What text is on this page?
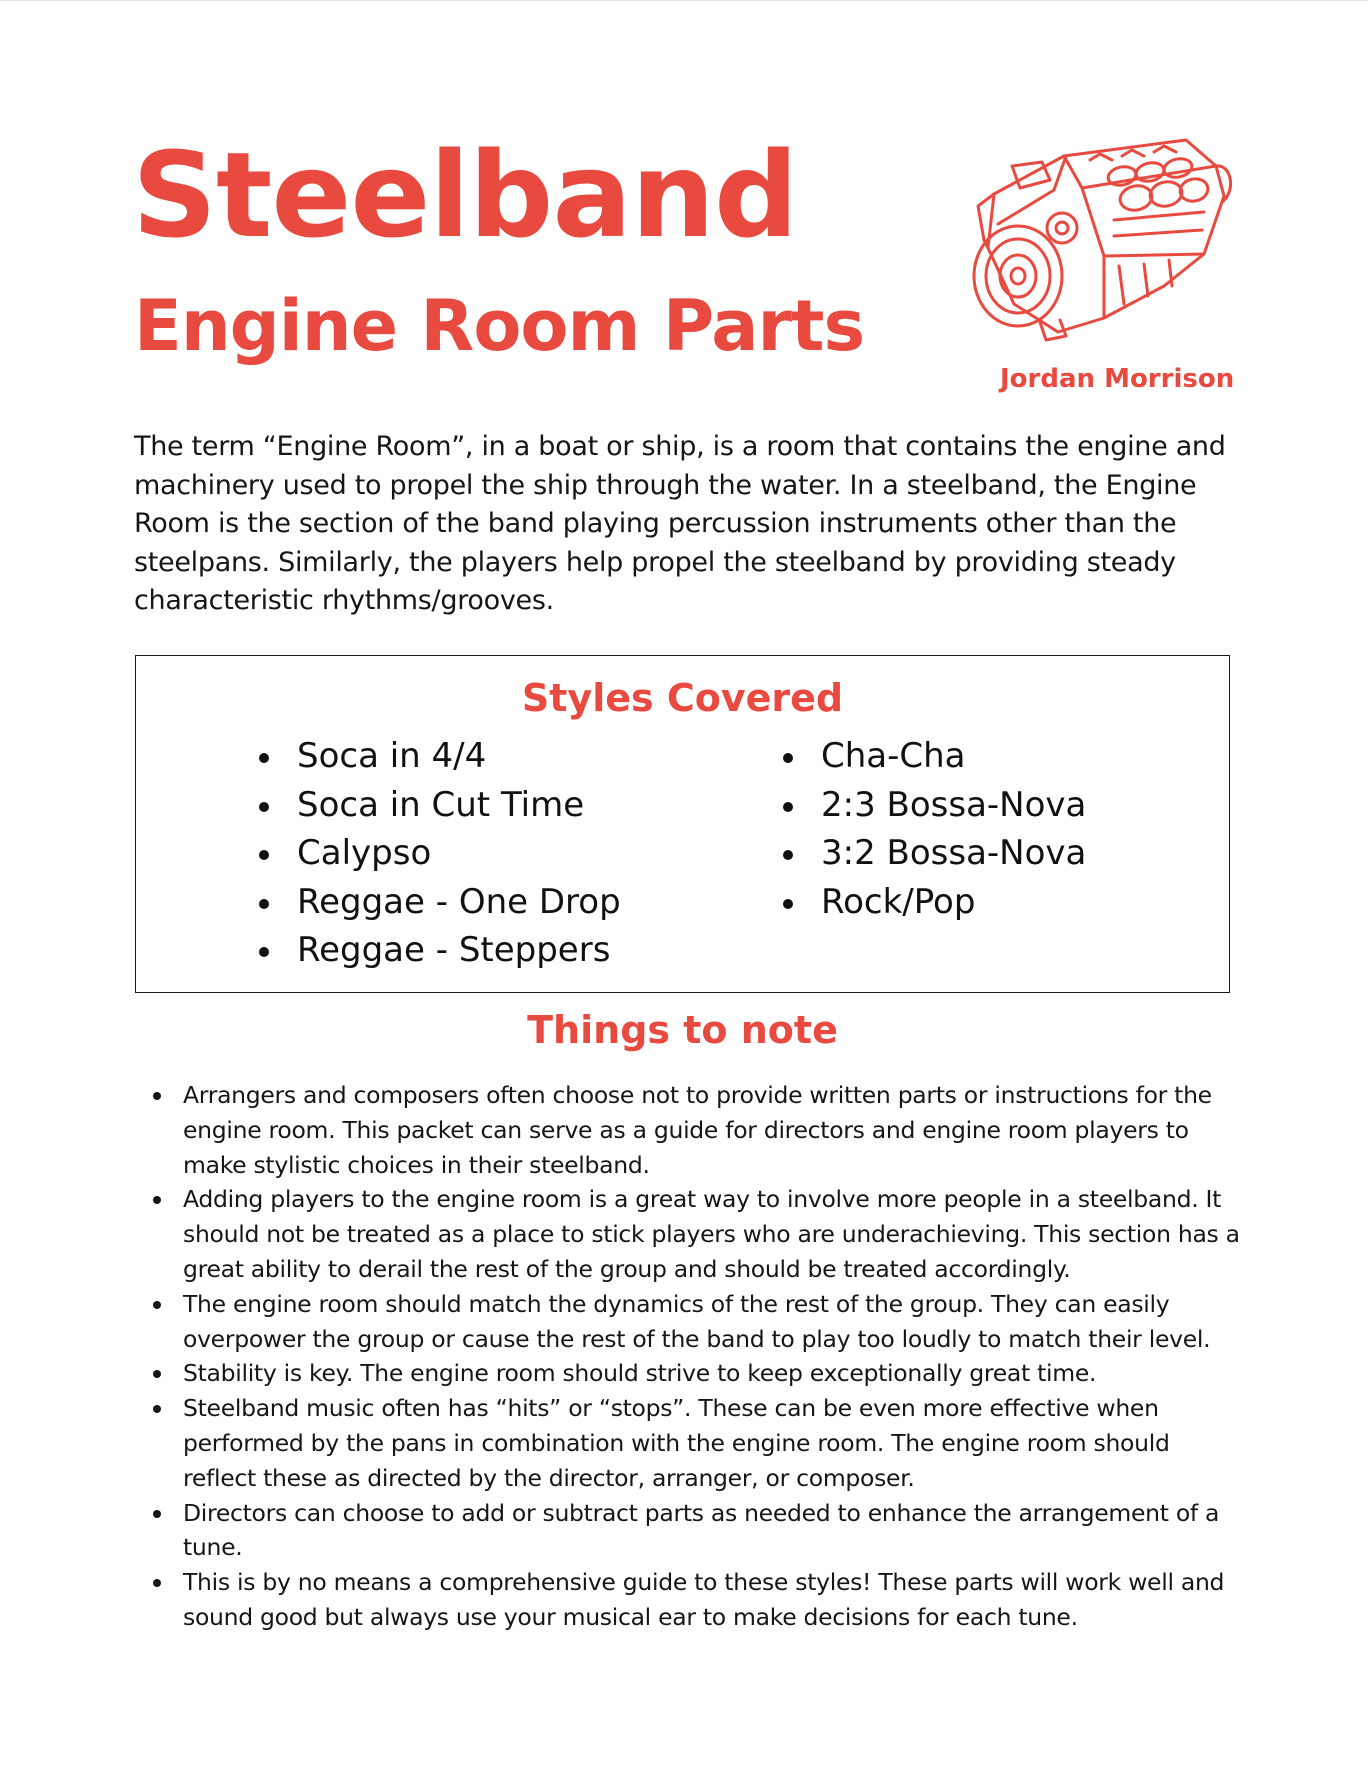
Steelband
Engine Room Parts
Jordan Morrison

The term “Engine Room”, in a boat or ship, is a room that contains the engine and machinery used to propel the ship through the water. In a steelband, the Engine Room is the section of the band playing percussion instruments other than the steelpans. Similarly, the players help propel the steelband by providing steady characteristic rhythms/grooves.

Styles Covered
Soca in 4/4
Soca in Cut Time
Calypso
Reggae - One Drop
Reggae - Steppers
Cha-Cha
2:3 Bossa-Nova
3:2 Bossa-Nova
Rock/Pop
Things to note
Arrangers and composers often choose not to provide written parts or instructions for the engine room. This packet can serve as a guide for directors and engine room players to make stylistic choices in their steelband.
Adding players to the engine room is a great way to involve more people in a steelband. It should not be treated as a place to stick players who are underachieving. This section has a great ability to derail the rest of the group and should be treated accordingly.
The engine room should match the dynamics of the rest of the group. They can easily overpower the group or cause the rest of the band to play too loudly to match their level.
Stability is key. The engine room should strive to keep exceptionally great time.
Steelband music often has “hits” or “stops”. These can be even more effective when performed by the pans in combination with the engine room. The engine room should reflect these as directed by the director, arranger, or composer.
Directors can choose to add or subtract parts as needed to enhance the arrangement of a tune.
This is by no means a comprehensive guide to these styles! These parts will work well and sound good but always use your musical ear to make decisions for each tune.
